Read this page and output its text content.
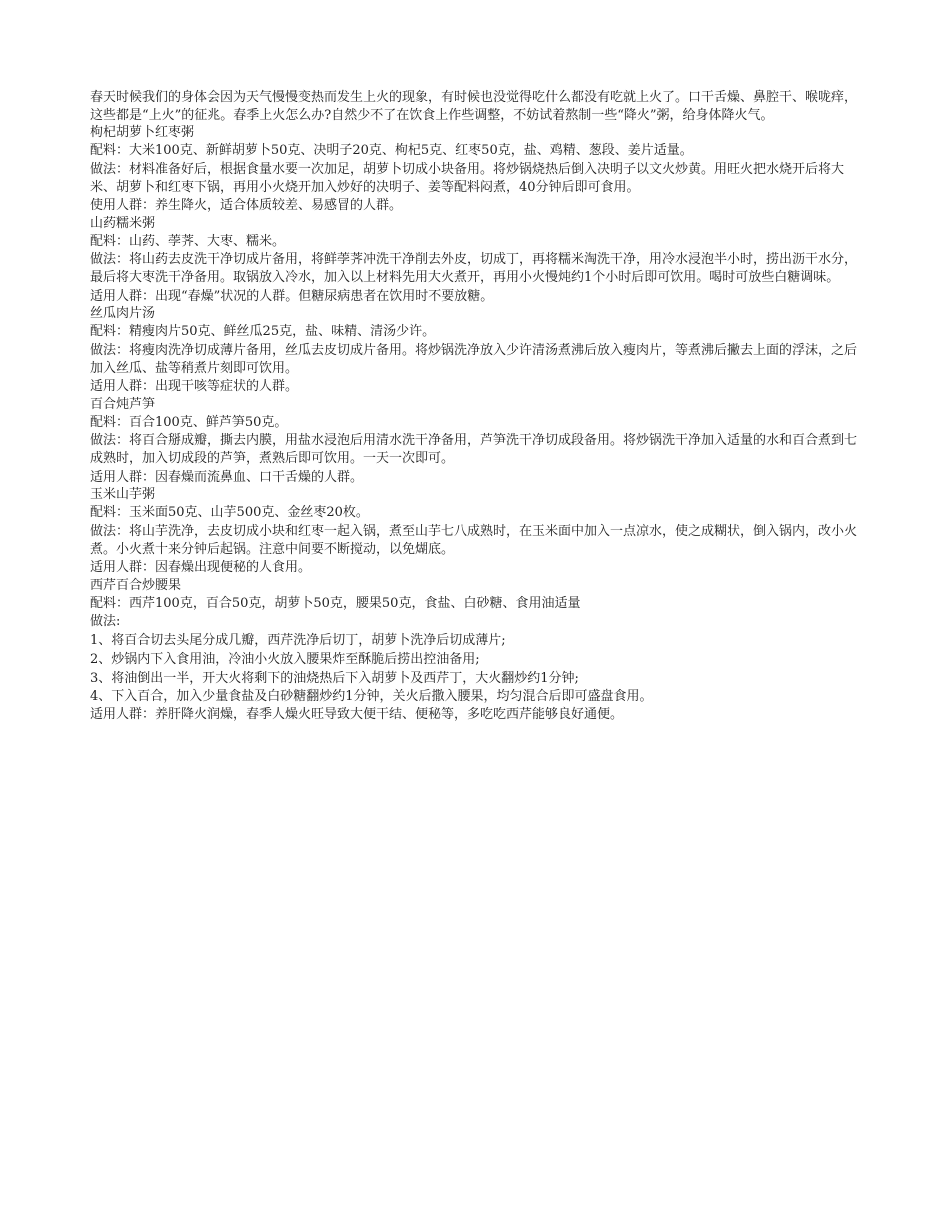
春天时候我们的身体会因为天气慢慢变热而发生上火的现象，有时候也没觉得吃什么都没有吃就上火了。口干舌燥、鼻腔干、喉咙痒，这些都是“上火”的征兆。春季上火怎么办?自然少不了在饮食上作些调整，不妨试着熬制一些“降火”粥，给身体降火气。

枸杞胡萝卜红枣粥

配料：大米100克、新鲜胡萝卜50克、决明子20克、枸杞5克、红枣50克，盐、鸡精、葱段、姜片适量。

做法：材料准备好后，根据食量水要一次加足，胡萝卜切成小块备用。将炒锅烧热后倒入决明子以文火炒黄。用旺火把水烧开后将大米、胡萝卜和红枣下锅，再用小火烧开加入炒好的决明子、姜等配料闷煮，40分钟后即可食用。

使用人群：养生降火，适合体质较差、易感冒的人群。

山药糯米粥

配料：山药、荸荠、大枣、糯米。

做法：将山药去皮洗干净切成片备用，将鲜荸荠冲洗干净削去外皮，切成丁，再将糯米淘洗干净，用冷水浸泡半小时，捞出沥干水分，最后将大枣洗干净备用。取锅放入冷水，加入以上材料先用大火煮开，再用小火慢炖约1个小时后即可饮用。喝时可放些白糖调味。

适用人群：出现“春燥”状况的人群。但糖尿病患者在饮用时不要放糖。

丝瓜肉片汤

配料：精瘦肉片50克、鲜丝瓜25克，盐、味精、清汤少许。

做法：将瘦肉洗净切成薄片备用，丝瓜去皮切成片备用。将炒锅洗净放入少许清汤煮沸后放入瘦肉片，等煮沸后撇去上面的浮沫，之后加入丝瓜、盐等稍煮片刻即可饮用。

适用人群：出现干咳等症状的人群。

百合炖芦笋

配料：百合100克、鲜芦笋50克。

做法：将百合掰成瓣，撕去内膜，用盐水浸泡后用清水洗干净备用，芦笋洗干净切成段备用。将炒锅洗干净加入适量的水和百合煮到七成熟时，加入切成段的芦笋，煮熟后即可饮用。一天一次即可。

适用人群：因春燥而流鼻血、口干舌燥的人群。

玉米山芋粥

配料：玉米面50克、山芋500克、金丝枣20枚。

做法：将山芋洗净，去皮切成小块和红枣一起入锅，煮至山芋七八成熟时，在玉米面中加入一点凉水，使之成糊状，倒入锅内，改小火煮。小火煮十来分钟后起锅。注意中间要不断搅动，以免煳底。

适用人群：因春燥出现便秘的人食用。

西芹百合炒腰果

配料：西芹100克，百合50克，胡萝卜50克，腰果50克，食盐、白砂糖、食用油适量

做法:

1、将百合切去头尾分成几瓣，西芹洗净后切丁，胡萝卜洗净后切成薄片;

2、炒锅内下入食用油，冷油小火放入腰果炸至酥脆后捞出控油备用;

3、将油倒出一半，开大火将剩下的油烧热后下入胡萝卜及西芹丁，大火翻炒约1分钟;

4、下入百合，加入少量食盐及白砂糖翻炒约1分钟，关火后撒入腰果，均匀混合后即可盛盘食用。

适用人群：养肝降火润燥，春季人燥火旺导致大便干结、便秘等，多吃吃西芹能够良好通便。
